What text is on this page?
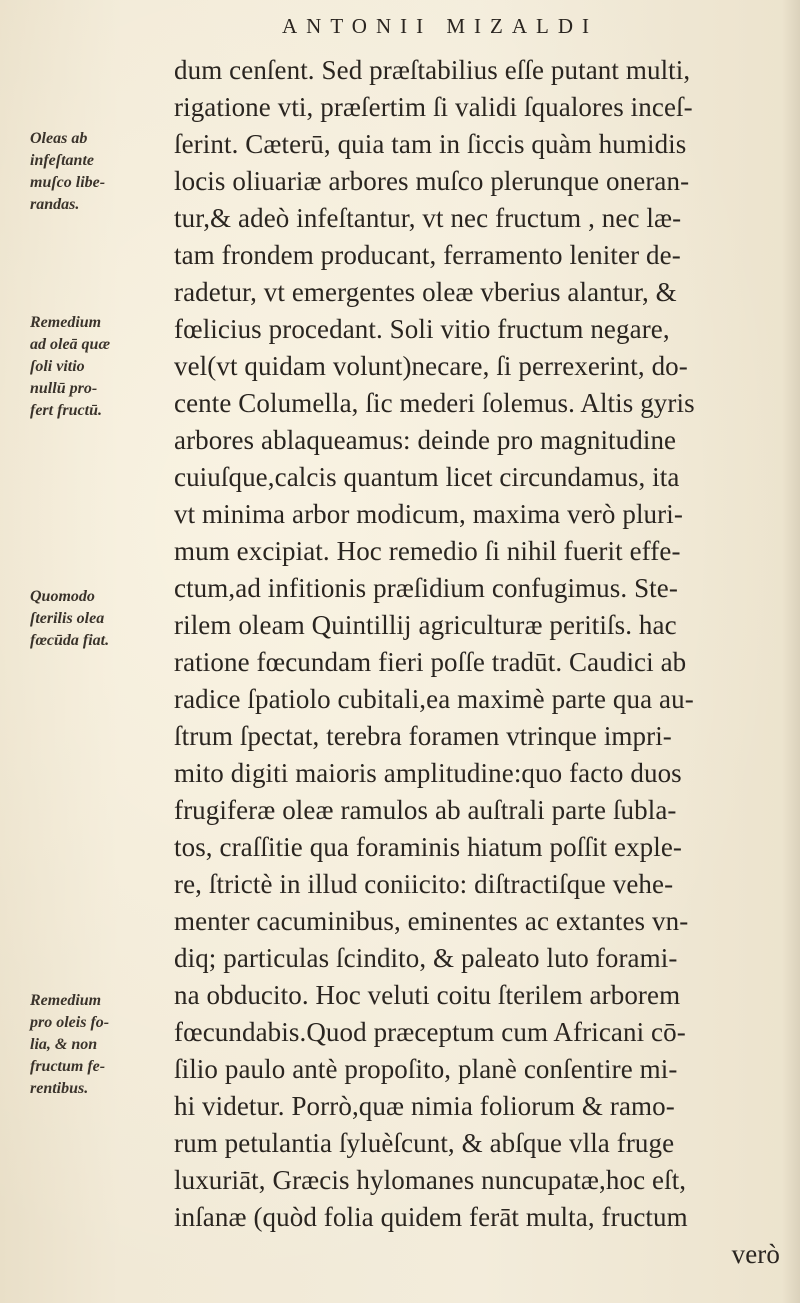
ANTONII MIZALDI
dum cenſent. Sed præſtabilius eſſe putant multi,
rigatione vti, præſertim ſi validi ſqualores inceſ-
ſerint. Cæterū, quia tam in ſiccis quàm humidis
locis oliuariæ arbores muſco plerunque oneran-
tur,& adeò infeſtantur, vt nec fructum , nec læ-
tam frondem producant, ferramento leniter de-
radetur, vt emergentes oleæ vberius alantur, &
fœlicius procedant. Soli vitio fructum negare,
vel(vt quidam volunt)necare, ſi perrexerint, do-
cente Columella, ſic mederi ſolemus. Altis gyris
arbores ablaqueamus: deinde pro magnitudine
cuiuſque,calcis quantum licet circundamus, ita
vt minima arbor modicum, maxima verò pluri-
mum excipiat. Hoc remedio ſi nihil fuerit effe-
ctum,ad infitionis præſidium confugimus. Ste-
rilem oleam Quintillij agriculturæ peritiſs. hac
ratione fœcundam fieri poſſe tradūt. Caudici ab
radice ſpatiolo cubitali,ea maximè parte qua au-
ſtrum ſpectat, terebra foramen vtrinque impri-
mito digiti maioris amplitudine:quo facto duos
frugiferæ oleæ ramulos ab auſtrali parte ſubla-
tos, craſſitie qua foraminis hiatum poſſit exple-
re, ſtrictè in illud coniicito: diſtractiſque vehe-
menter cacuminibus, eminentes ac extantes vn-
diq; particulas ſcindito, & paleato luto forami-
na obducito. Hoc veluti coitu ſterilem arborem
fœcundabis.Quod præceptum cum Africani cō-
ſilio paulo antè propoſito, planè conſentire mi-
hi videtur. Porrò,quæ nimia foliorum & ramo-
rum petulantia ſyluèſcunt, & abſque vlla fruge
luxuriāt, Græcis hylomanes nuncupatæ,hoc eſt,
inſanæ (quòd folia quidem ferāt multa, fructum
verò
Oleas ab
infeſtante
muſco libe-
randas.
Remedium
ad oleā quæ
ſoli vitio
nullū pro-
fert fructū.
Quomodo
ſterilis olea
fœcūda fiat.
Remedium
pro oleis fo-
lia, & non
fructum fe-
rentibus.
